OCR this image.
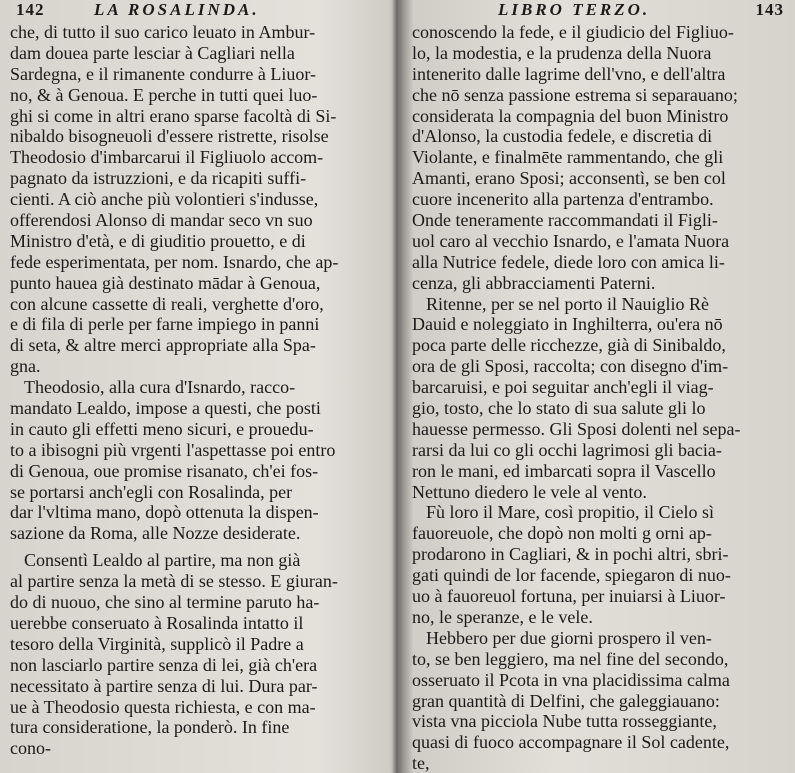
142	LA ROSALINDA.
che, di tutto il suo carico leuato in Ambur-
dam douea parte lesciar à Cagliari nella
Sardegna, e il rimanente condurre à Liuor-
no, & à Genoua. E perche in tutti quei luo-
ghi si come in altri erano sparse facoltà di Si-
nibaldo bisogneuoli d'essere ristrette, risolse
Theodosio d'imbarcarui il Figliuolo accom-
pagnato da istruzzioni, e da ricapiti suffi-
cienti. A ciò anche più volontieri s'indusse,
offerendosi Alonso di mandar seco vn suo
Ministro d'età, e di giuditio prouetto, e di
fede esperimentata, per nom. Isnardo, che ap-
punto hauea già destinato mādar à Genoua,
con alcune cassette di reali, verghette d'oro,
e di fila di perle per farne impiego in panni
di seta, & altre merci appropriate alla Spa-
gna.
Theodosio, alla cura d'Isnardo, racco-
mandato Lealdo, impose a questi, che posti
in cauto gli effetti meno sicuri, e prouedu-
to a ibisogni più vrgenti l'aspettasse poi entro
di Genoua, oue promise risanato, ch'ei fos-
se portarsi anch'egli con Rosalinda, per
dar l'vltima mano, dopò ottenuta la dispen-
sazione da Roma, alle Nozze desiderate.
Consentì Lealdo al partire, ma non già
al partire senza la metà di se stesso. E giuran-
do di nuouo, che sino al termine paruto ha-
uerebbe conseruato à Rosalinda intatto il
tesoro della Virginità, supplicò il Padre a
non lasciarlo partire senza di lei, già ch'era
necessitato à partire senza di lui. Dura par-
ue à Theodosio questa richiesta, e con ma-
tura consideratione, la ponderò. In fine
cono-
LIBRO TERZO.	143
conoscendo la fede, e il giudicio del Figliuo-
lo, la modestia, e la prudenza della Nuora
intenerito dalle lagrime dell'vno, e dell'altra
che nō senza passione estrema si separauano;
considerata la compagnia del buon Ministro
d'Alonso, la custodia fedele, e discretia di
Violante, e finalmēte rammentando, che gli
Amanti, erano Sposi; acconsentì, se ben col
cuore incenerito alla partenza d'entrambo.
Onde teneramente raccommandati il Figli-
uol caro al vecchio Isnardo, e l'amata Nuora
alla Nutrice fedele, diede loro con amica li-
cenza, gli abbracciamenti Paterni.
Ritenne, per se nel porto il Nauiglio Rè
Dauid e noleggiato in Inghilterra, ou'era nō
poca parte delle ricchezze, già di Sinibaldo,
ora de gli Sposi, raccolta; con disegno d'im-
barcaruisi, e poi seguitar anch'egli il viag-
gio, tosto, che lo stato di sua salute gli lo
hauesse permesso. Gli Sposi dolenti nel sepa-
rarsi da lui co gli occhi lagrimosi gli bacia-
ron le mani, ed imbarcati sopra il Vascello
Nettuno diedero le vele al vento.
Fù loro il Mare, così propitio, il Cielo sì
fauoreuole, che dopò non molti g orni ap-
prodarono in Cagliari, & in pochi altri, sbri-
gati quindi de lor facende, spiegaron di nuo-
uo à fauoreuol fortuna, per inuiarsi à Liuor-
no, le speranze, e le vele.
Hebbero per due giorni prospero il ven-
to, se ben leggiero, ma nel fine del secondo,
osseruato il Pcota in vna placidissima calma
gran quantità di Delfini, che galeggiauano:
vista vna picciola Nube tutta rosseggiante,
quasi di fuoco accompagnare il Sol cadente,
te,
